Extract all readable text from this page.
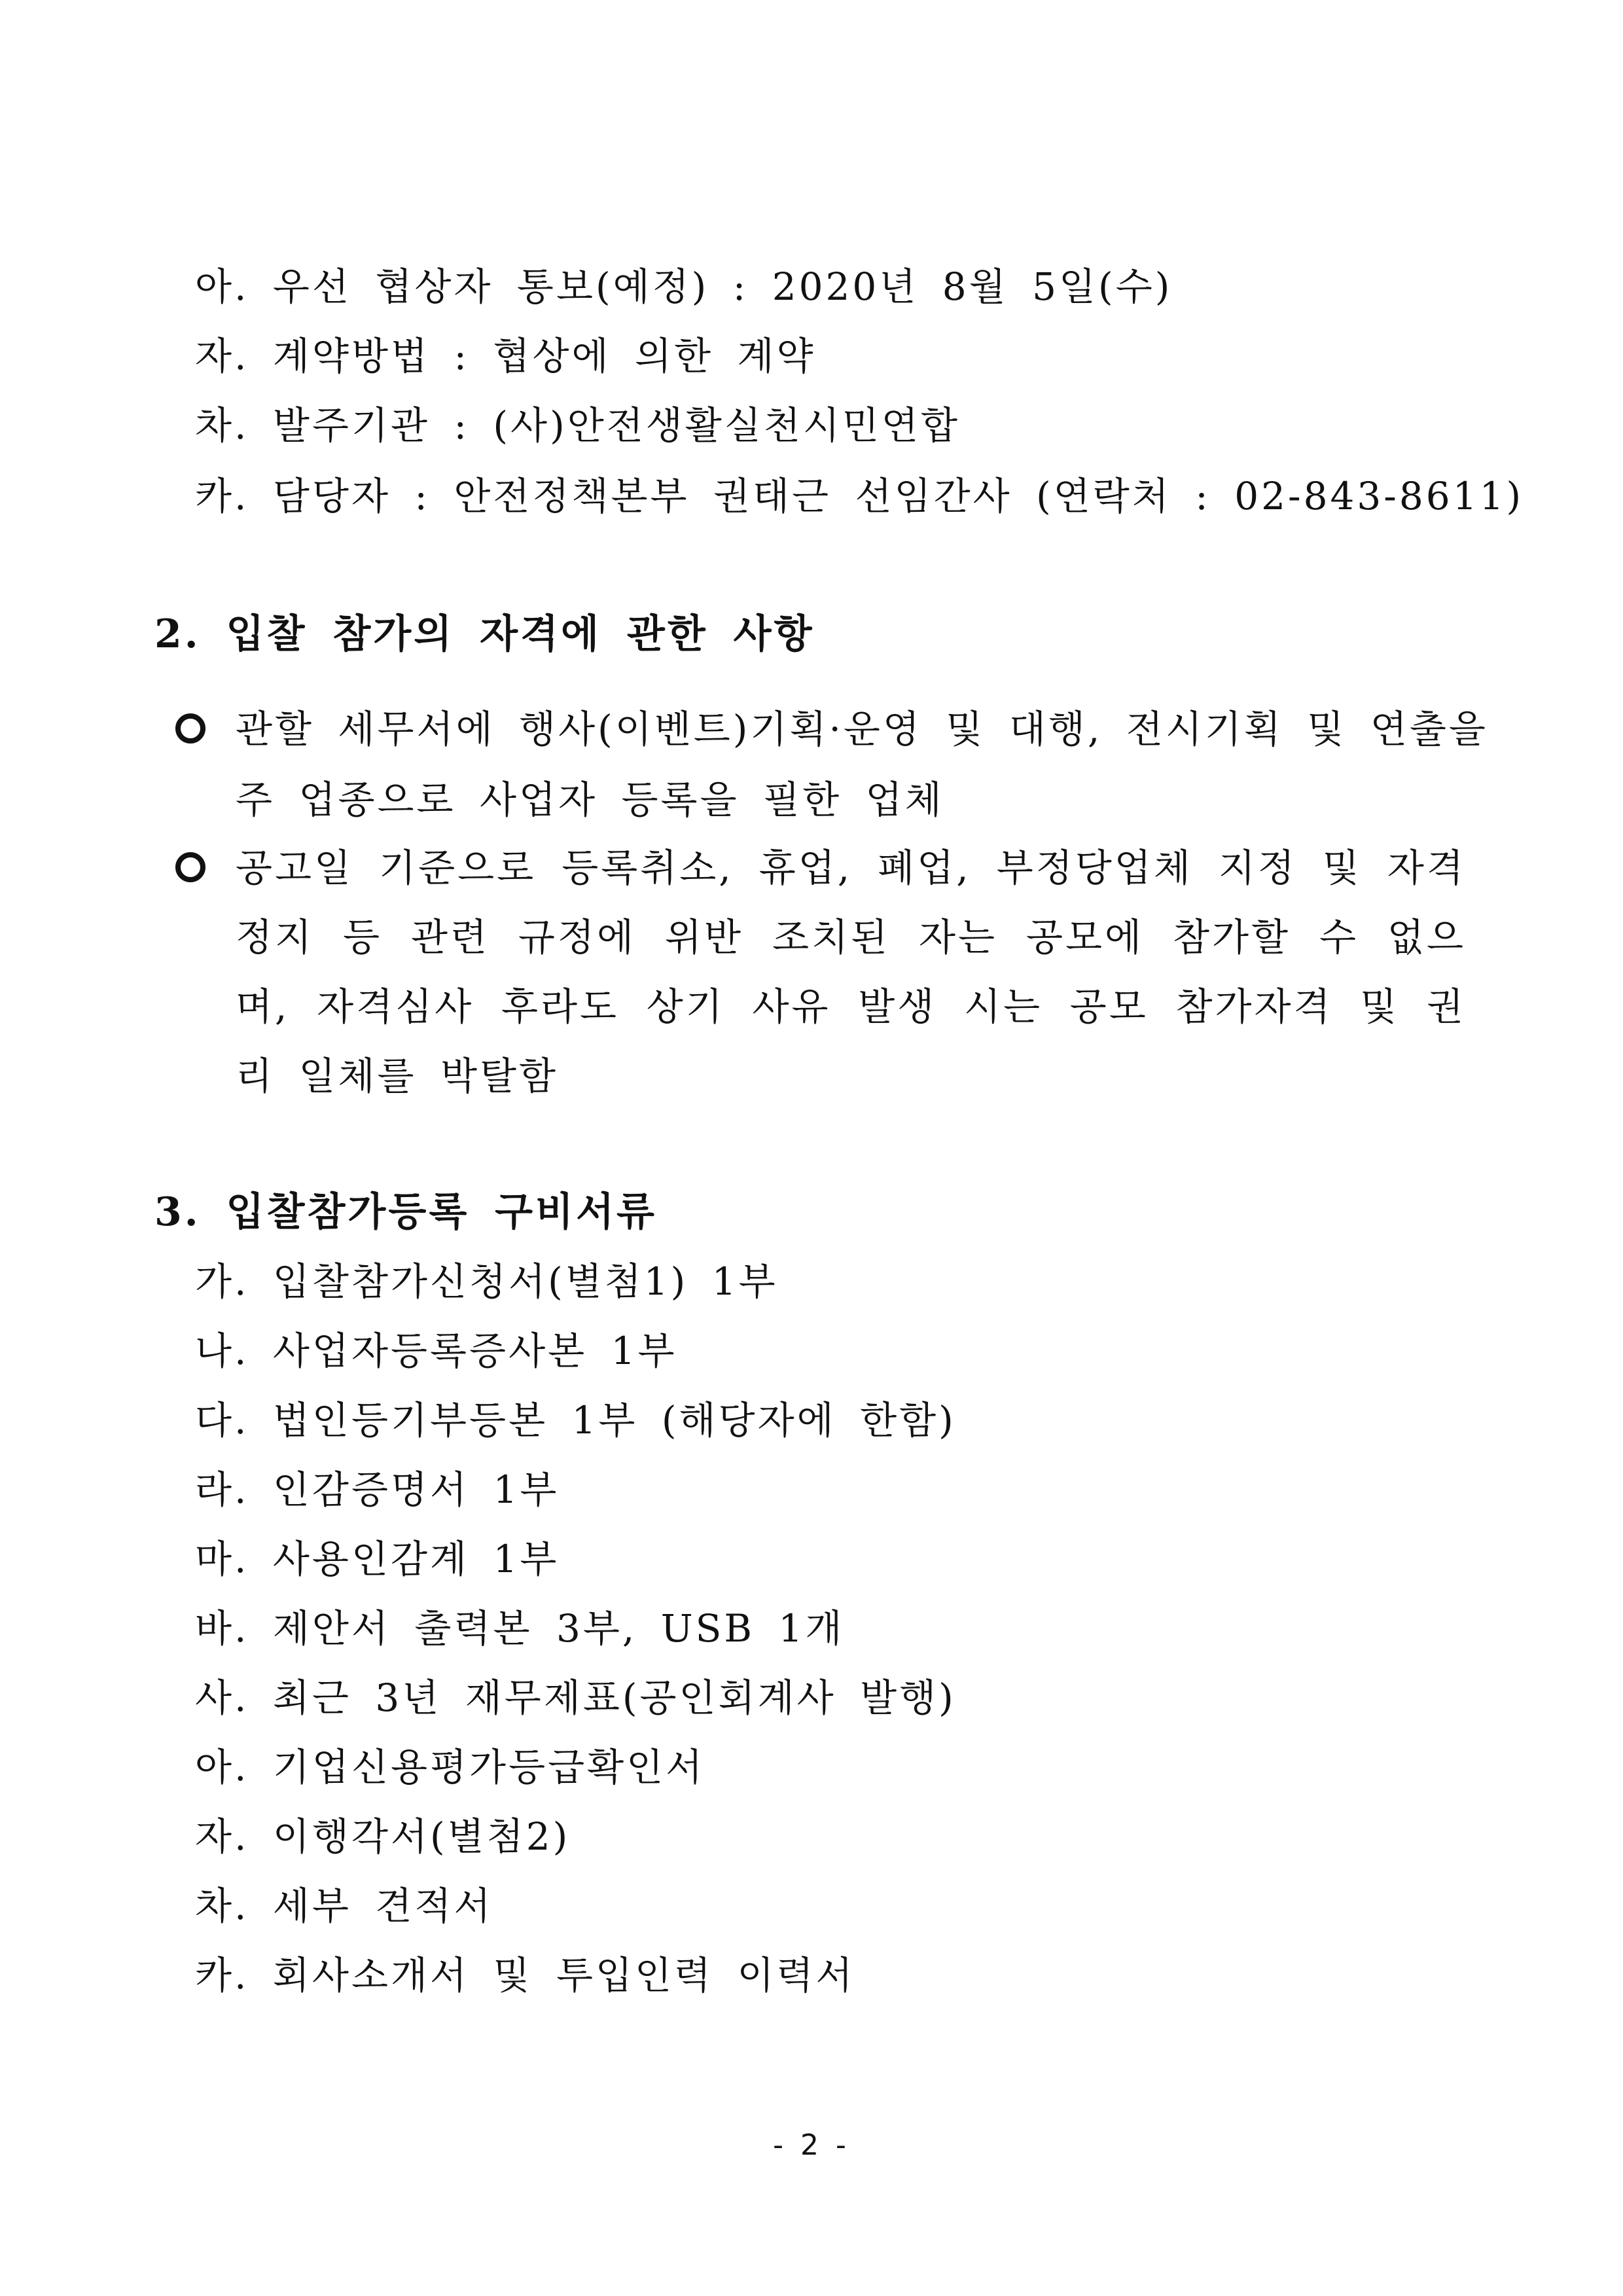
아. 우선 협상자 통보(예정) : 2020년 8월 5일(수)
자. 계약방법 : 협상에 의한 계약
차. 발주기관 : (사)안전생활실천시민연합
카. 담당자 : 안전정책본부 권태근 선임간사 (연락처 : 02-843-8611)
2. 입찰 참가의 자격에 관한 사항
관할 세무서에 행사(이벤트)기획·운영 및 대행, 전시기획 및 연출을
주 업종으로 사업자 등록을 필한 업체
공고일 기준으로 등록취소, 휴업, 폐업, 부정당업체 지정 및 자격
정지 등 관련 규정에 위반 조치된 자는 공모에 참가할 수 없으
며, 자격심사 후라도 상기 사유 발생 시는 공모 참가자격 및 권
리 일체를 박탈함
3. 입찰참가등록 구비서류
가. 입찰참가신청서(별첨1) 1부
나. 사업자등록증사본 1부
다. 법인등기부등본 1부 (해당자에 한함)
라. 인감증명서 1부
마. 사용인감계 1부
바. 제안서 출력본 3부, USB 1개
사. 최근 3년 재무제표(공인회계사 발행)
아. 기업신용평가등급확인서
자. 이행각서(별첨2)
차. 세부 견적서
카. 회사소개서 및 투입인력 이력서
- 2 -
